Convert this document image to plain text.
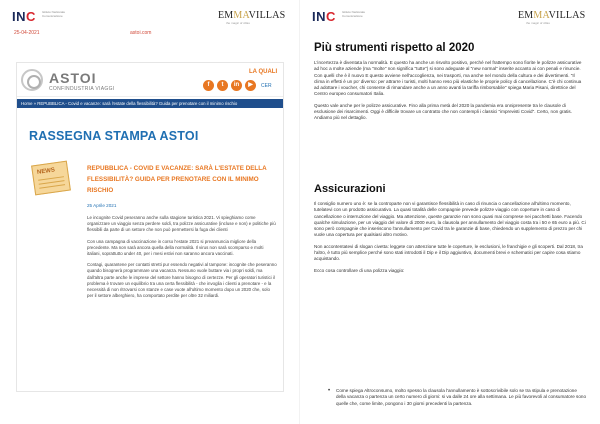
INC Istituto Nazionale Comunicazione	EMMAVILLAS
the magic of villas
25-04-2021	astoi.com
ASTOI
CONFINDUSTRIA VIAGGI
LA QUALI
f	t	in	▶	CER
Home » REPUBBLICA - Covid e vacanze: sarà l'estate della flessibilità? Guida per prenotare con il minimo rischio
RASSEGNA STAMPA ASTOI
NEWS	REPUBBLICA - COVID E VACANZE: SARÀ L'ESTATE DELLA FLESSIBILITÀ? GUIDA PER PRENOTARE CON IL MINIMO RISCHIO
25 Aprile 2021

Le incognite Covid peseranno anche sulla stagione turistica 2021. Vi spieghiamo come organizzare un viaggio senza perdere soldi, tra polizze assicurative (incluse e non) e politiche più flessibili da parte di un settore che non può permettersi la fuga dei clienti

Con una campagna di vaccinazione in corso l'estate 2021 si preannuncia migliore della precedente. Ma non sarà ancora quella della normalità. Il virus non sarà scomparso e molti italiani, soprattutto under 40, per i mesi estivi non saranno ancora vaccinati.

Contagi, quarantene per contatti stretti pur essendo negativi al tampone: incognite che peseranno quando bisognerà programmare una vacanza. Nessuno vuole buttare via i propri soldi, ma dall'altra parte anche le imprese del settore hanno bisogno di certezze. Per gli operatori turistici il problema è trovare un equilibrio tra una certa flessibilità - che invoglia i clienti a prenotare - e la necessità di non ritrovarsi con stanze e case vuote all'ultimo momento dopo un 2020 che, solo per il settore alberghiero, ha comportato perdite per oltre 32 miliardi.

INC Istituto Nazionale Comunicazione	EMMAVILLAS
the magic of villas
Più strumenti rispetto al 2020

L'incertezza è diventata la normalità. E questo ha anche un risvolto positivo, perché nel frattempo sono fiorite le polizze assicurative ad hoc a molte aziende (ma "molte" non significa "tutte") si sono adeguate al "new normal" inserite accanto ai con penali e rinuncie. Con quelli che è il nuovo E questo avviene nell'accoglienza, nei trasporti, ma anche nel mondo della cultura e dei divertimenti. "Il clima in effetti è un po' diverso: per attrarre i turisti, molti hanno reso più elastiche le proprie policy di cancellazione. C'è chi continua ad adottare i voucher, chi consente di rimandare anche a un anno avanti la tariffa rimborsabile" spiega Maria Pisani, direttrice del Centro europeo consumatori Italia.

Questo vale anche per le polizze assicurative. Fino alla prima metà del 2020 la pandemia era onnipresente tra le clausole di esclusione dei risarcimenti. Oggi è difficile trovare un contratto che non contempli i classici "imprevisti Covid". Certo, non gratis. Andiamo più nel dettaglio.

Assicurazioni

Il consiglio numero uno è: se la controparte non vi garantisce flessibilità in caso di rinuncia o cancellazione all'ultimo momento, tutelatevi con un prodotto assicurativo. La quasi totalità delle compagnie prevede polizze viaggio con coperture in caso di cancellazione o interruzione del viaggio. Ma attenzione, queste garanzie non sono quasi mai comprese nei pacchetti base. Facendo qualche simulazione, per un viaggio del valore di 2000 euro, la clausola per annullamento del viaggio costa tra i 50 e 65 euro a più. Ci sono però compagnie che inseriscono l'annullamento per Covid tra le garanzie di base, chiedendo un supplemento di prezzo per chi vuole una copertura per qualsiasi altro motivo.

Non accontentatevi di slogan civetta: leggete con attenzione tutte le coperture, le esclusioni, le franchigie e gli scoperti. Dal 2018, tra l'altro, è tutto più semplice perché sono stati introdotti il Dip e il Dip aggiuntivo, documenti brevi e schematici per capire cosa stiamo acquistando.

Ecco cosa controllare di una polizza viaggio:

• Come spiega Altroconsumo, molto spesso la clausola l'annullamento è sottoscrivibile solo se tra stipula e prenotazione della vacanza o partenza un certo numero di giorni: si va dalle 24 ore alla settimana. Le più favorevoli al consumatore sono quelle che, come limite, pongono i 30 giorni precedenti la partenza.
